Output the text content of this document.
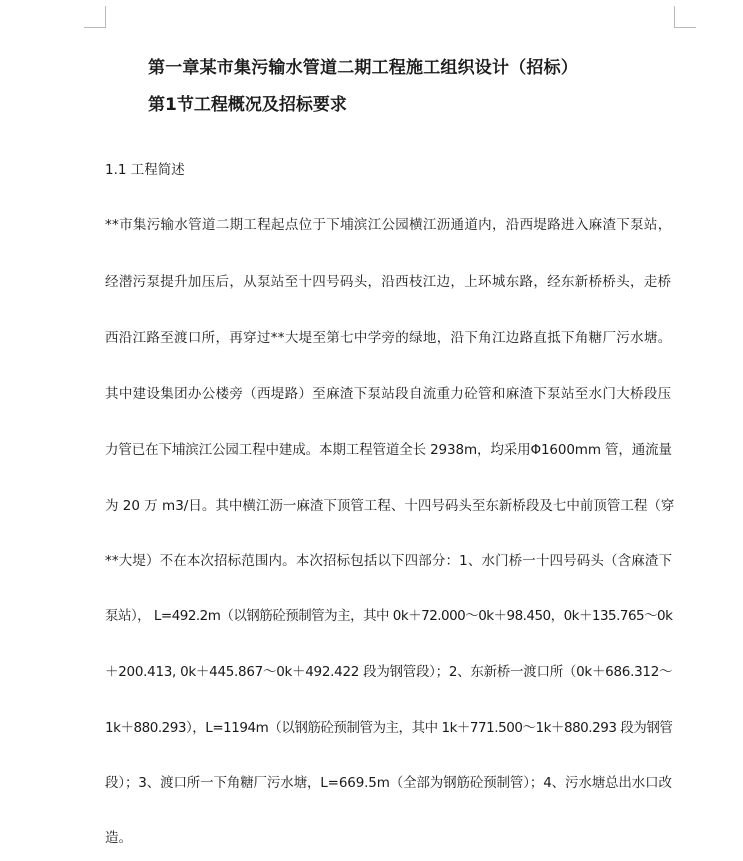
第一章某市集污输水管道二期工程施工组织设计（招标）
第1节工程概况及招标要求
1.1 工程简述
**市集污输水管道二期工程起点位于下埔滨江公园横江沥通道内，沿西堤路进入麻渣下泵站，
经潜污泵提升加压后，从泵站至十四号码头，沿西枝江边，上环城东路，经东新桥桥头，走桥
西沿江路至渡口所，再穿过**大堤至第七中学旁的绿地，沿下角江边路直抵下角糖厂污水塘。
其中建设集团办公楼旁（西堤路）至麻渣下泵站段自流重力砼管和麻渣下泵站至水门大桥段压
力管已在下埔滨江公园工程中建成。本期工程管道全长 2938m，均采用Φ1600mm 管，通流量
为 20 万 m3/日。其中横江沥一麻渣下顶管工程、十四号码头至东新桥段及七中前顶管工程（穿
**大堤）不在本次招标范围内。本次招标包括以下四部分：1、水门桥一十四号码头（含麻渣下
泵站）， L=492.2m（以钢筋砼预制管为主，其中 0k＋72.000～0k＋98.450，0k＋135.765～0k
＋200.413, 0k＋445.867～0k＋492.422 段为钢管段）；2、东新桥一渡口所（0k＋686.312～
1k＋880.293），L=1194m（以钢筋砼预制管为主，其中 1k＋771.500～1k＋880.293 段为钢管
段）；3、渡口所一下角糖厂污水塘，L=669.5m（全部为钢筋砼预制管）；4、污水塘总出水口改
造。
